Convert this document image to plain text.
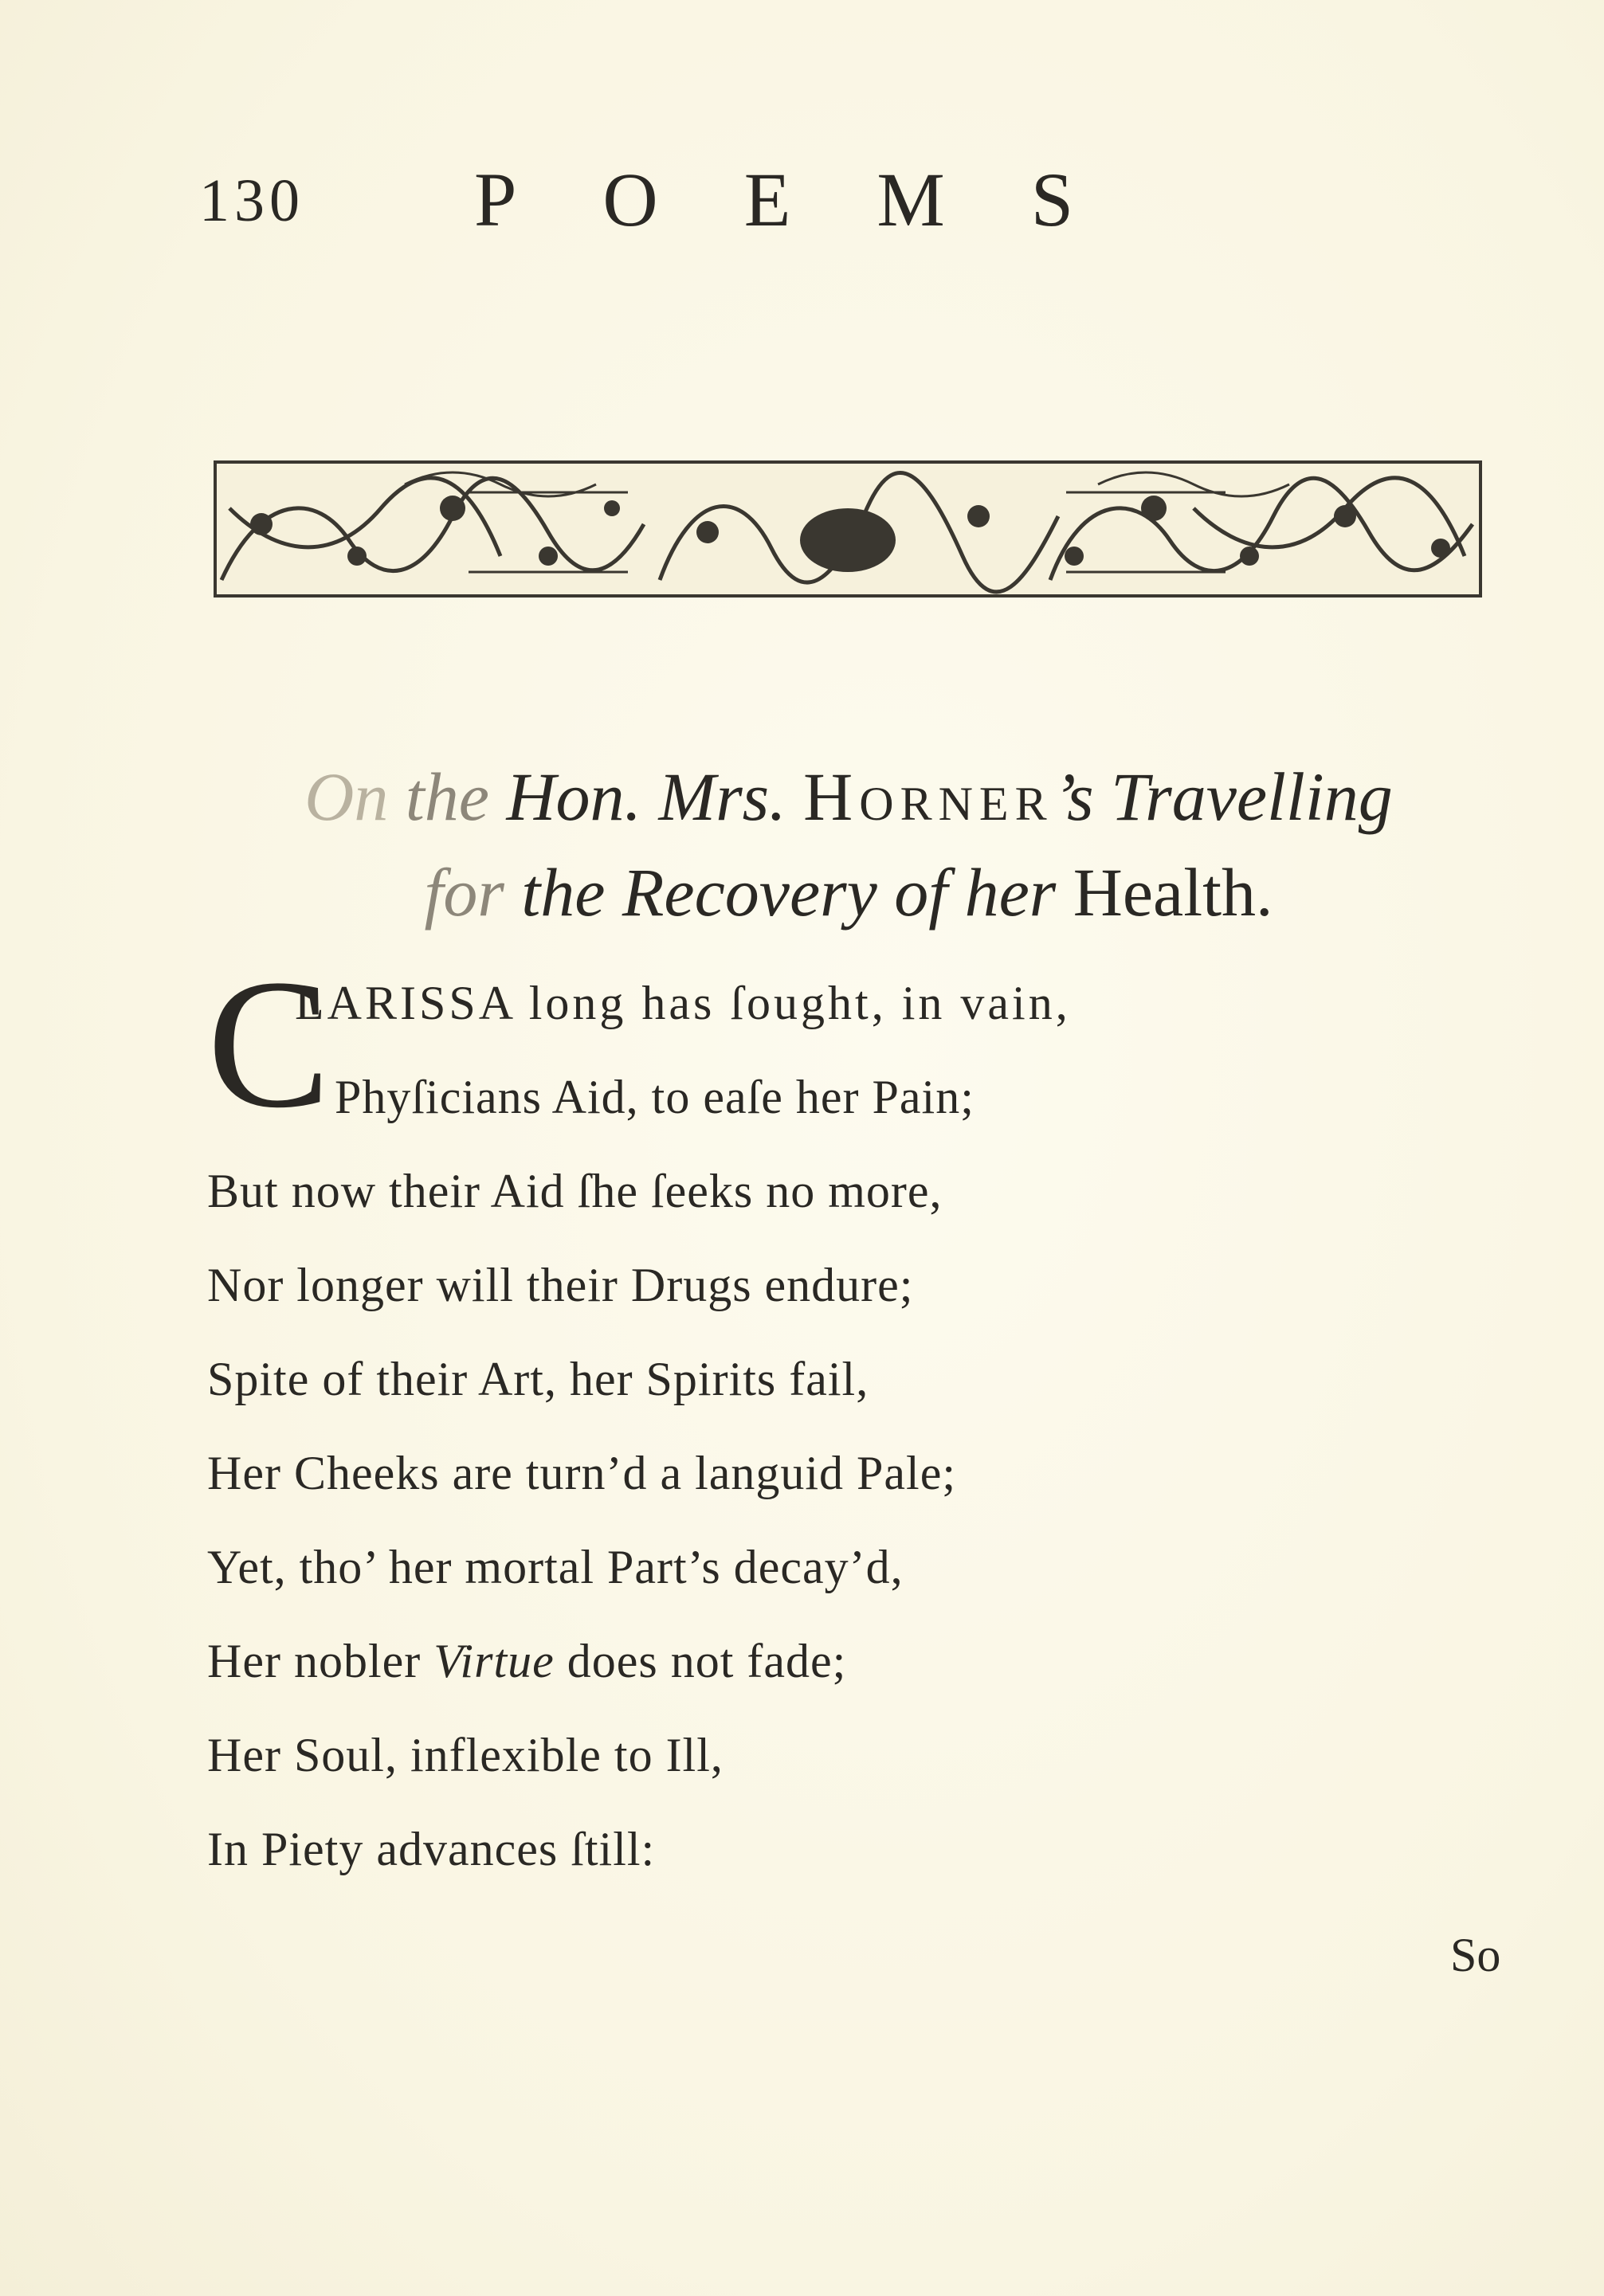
130 POEMS
On the Hon. Mrs. Horner’s Travelling
for the Recovery of her Health.
C
LARISSA long has ſought, in vain,
Phyſicians Aid, to eaſe her Pain;
But now their Aid ſhe ſeeks no more,
Nor longer will their Drugs endure;
Spite of their Art, her Spirits fail,
Her Cheeks are turn’d a languid Pale;
Yet, tho’ her mortal Part’s decay’d,
Her nobler Virtue does not fade;
Her Soul, inflexible to Ill,
In Piety advances ſtill:
So
